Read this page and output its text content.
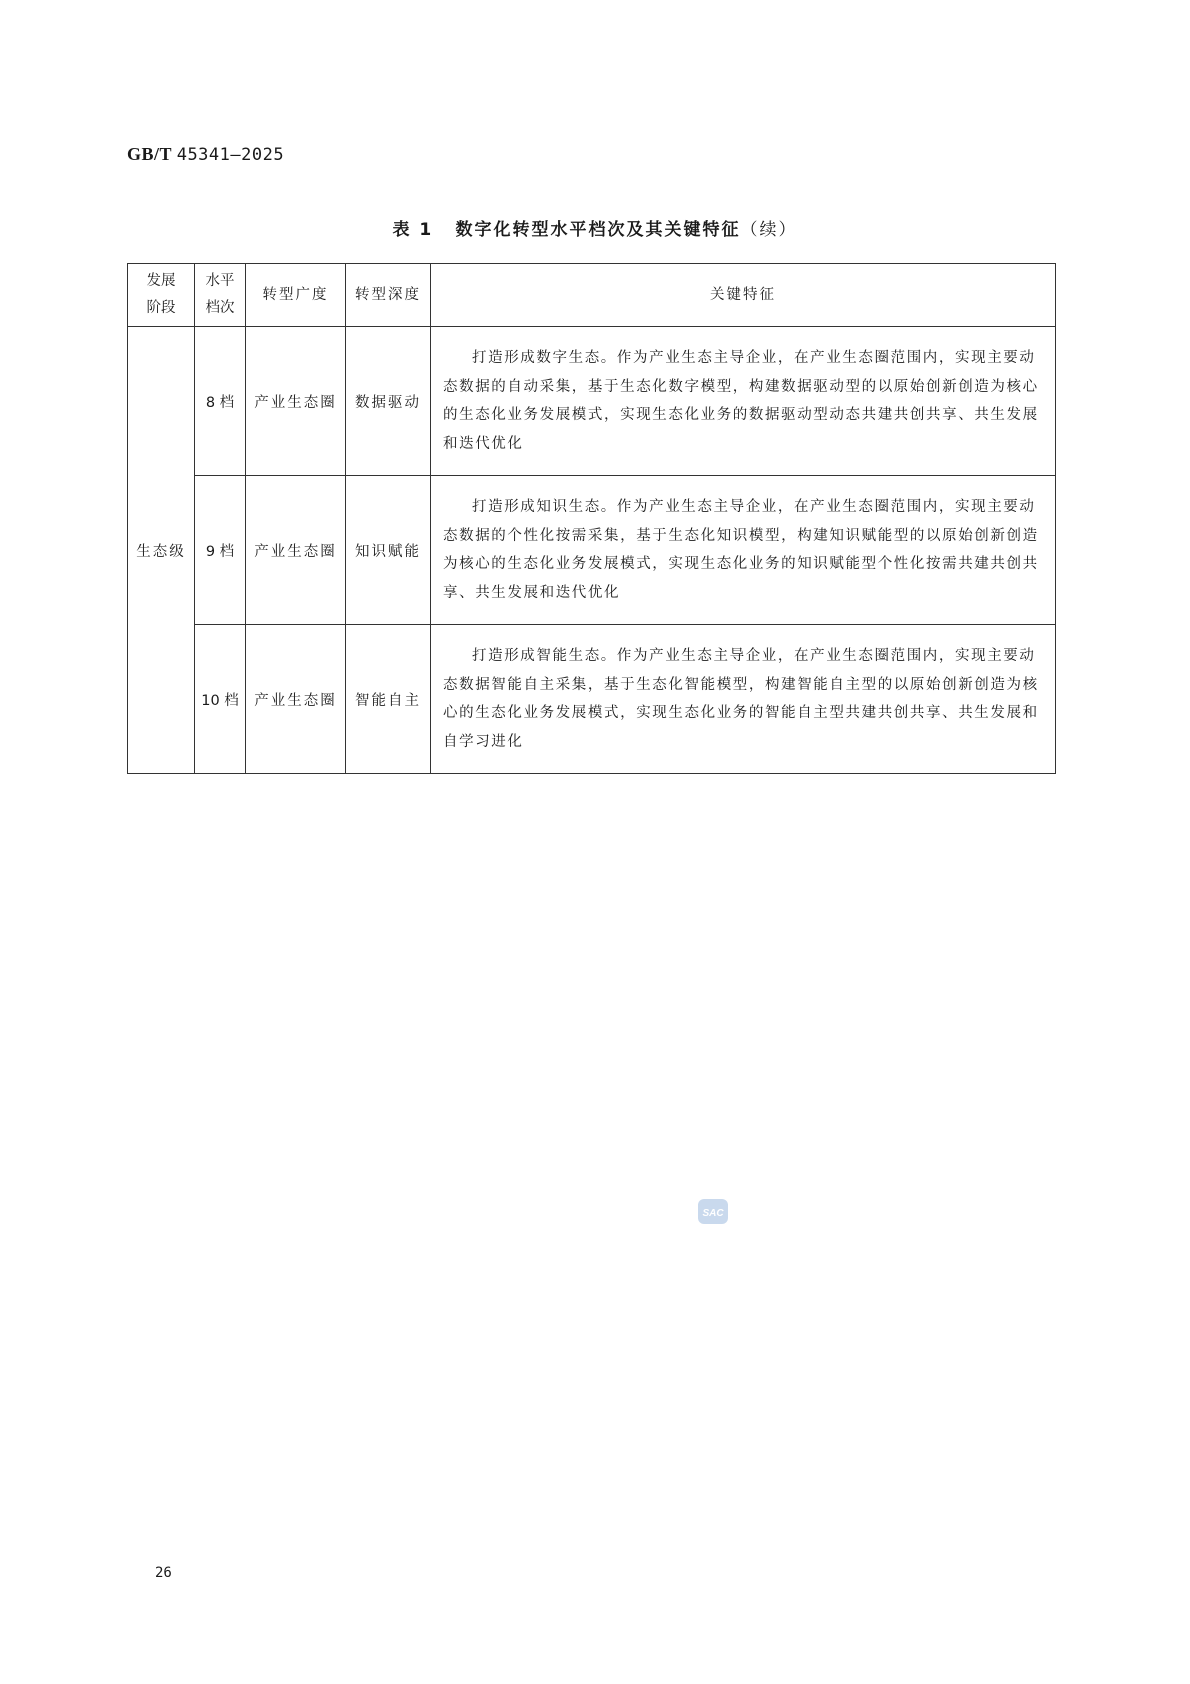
GB/T 45341—2025
表 1 数字化转型水平档次及其关键特征（续）
发展阶段	水平档次	转型广度	转型深度	关键特征
生态级	8 档	产业生态圈	数据驱动	打造形成数字生态。作为产业生态主导企业，在产业生态圈范围内，实现主要动态数据的自动采集，基于生态化数字模型，构建数据驱动型的以原始创新创造为核心的生态化业务发展模式，实现生态化业务的数据驱动型动态共建共创共享、共生发展和迭代优化
	9 档	产业生态圈	知识赋能	打造形成知识生态。作为产业生态主导企业，在产业生态圈范围内，实现主要动态数据的个性化按需采集，基于生态化知识模型，构建知识赋能型的以原始创新创造为核心的生态化业务发展模式，实现生态化业务的知识赋能型个性化按需共建共创共享、共生发展和迭代优化
	10 档	产业生态圈	智能自主	打造形成智能生态。作为产业生态主导企业，在产业生态圈范围内，实现主要动态数据智能自主采集，基于生态化智能模型，构建智能自主型的以原始创新创造为核心的生态化业务发展模式，实现生态化业务的智能自主型共建共创共享、共生发展和自学习进化
SAC
26
